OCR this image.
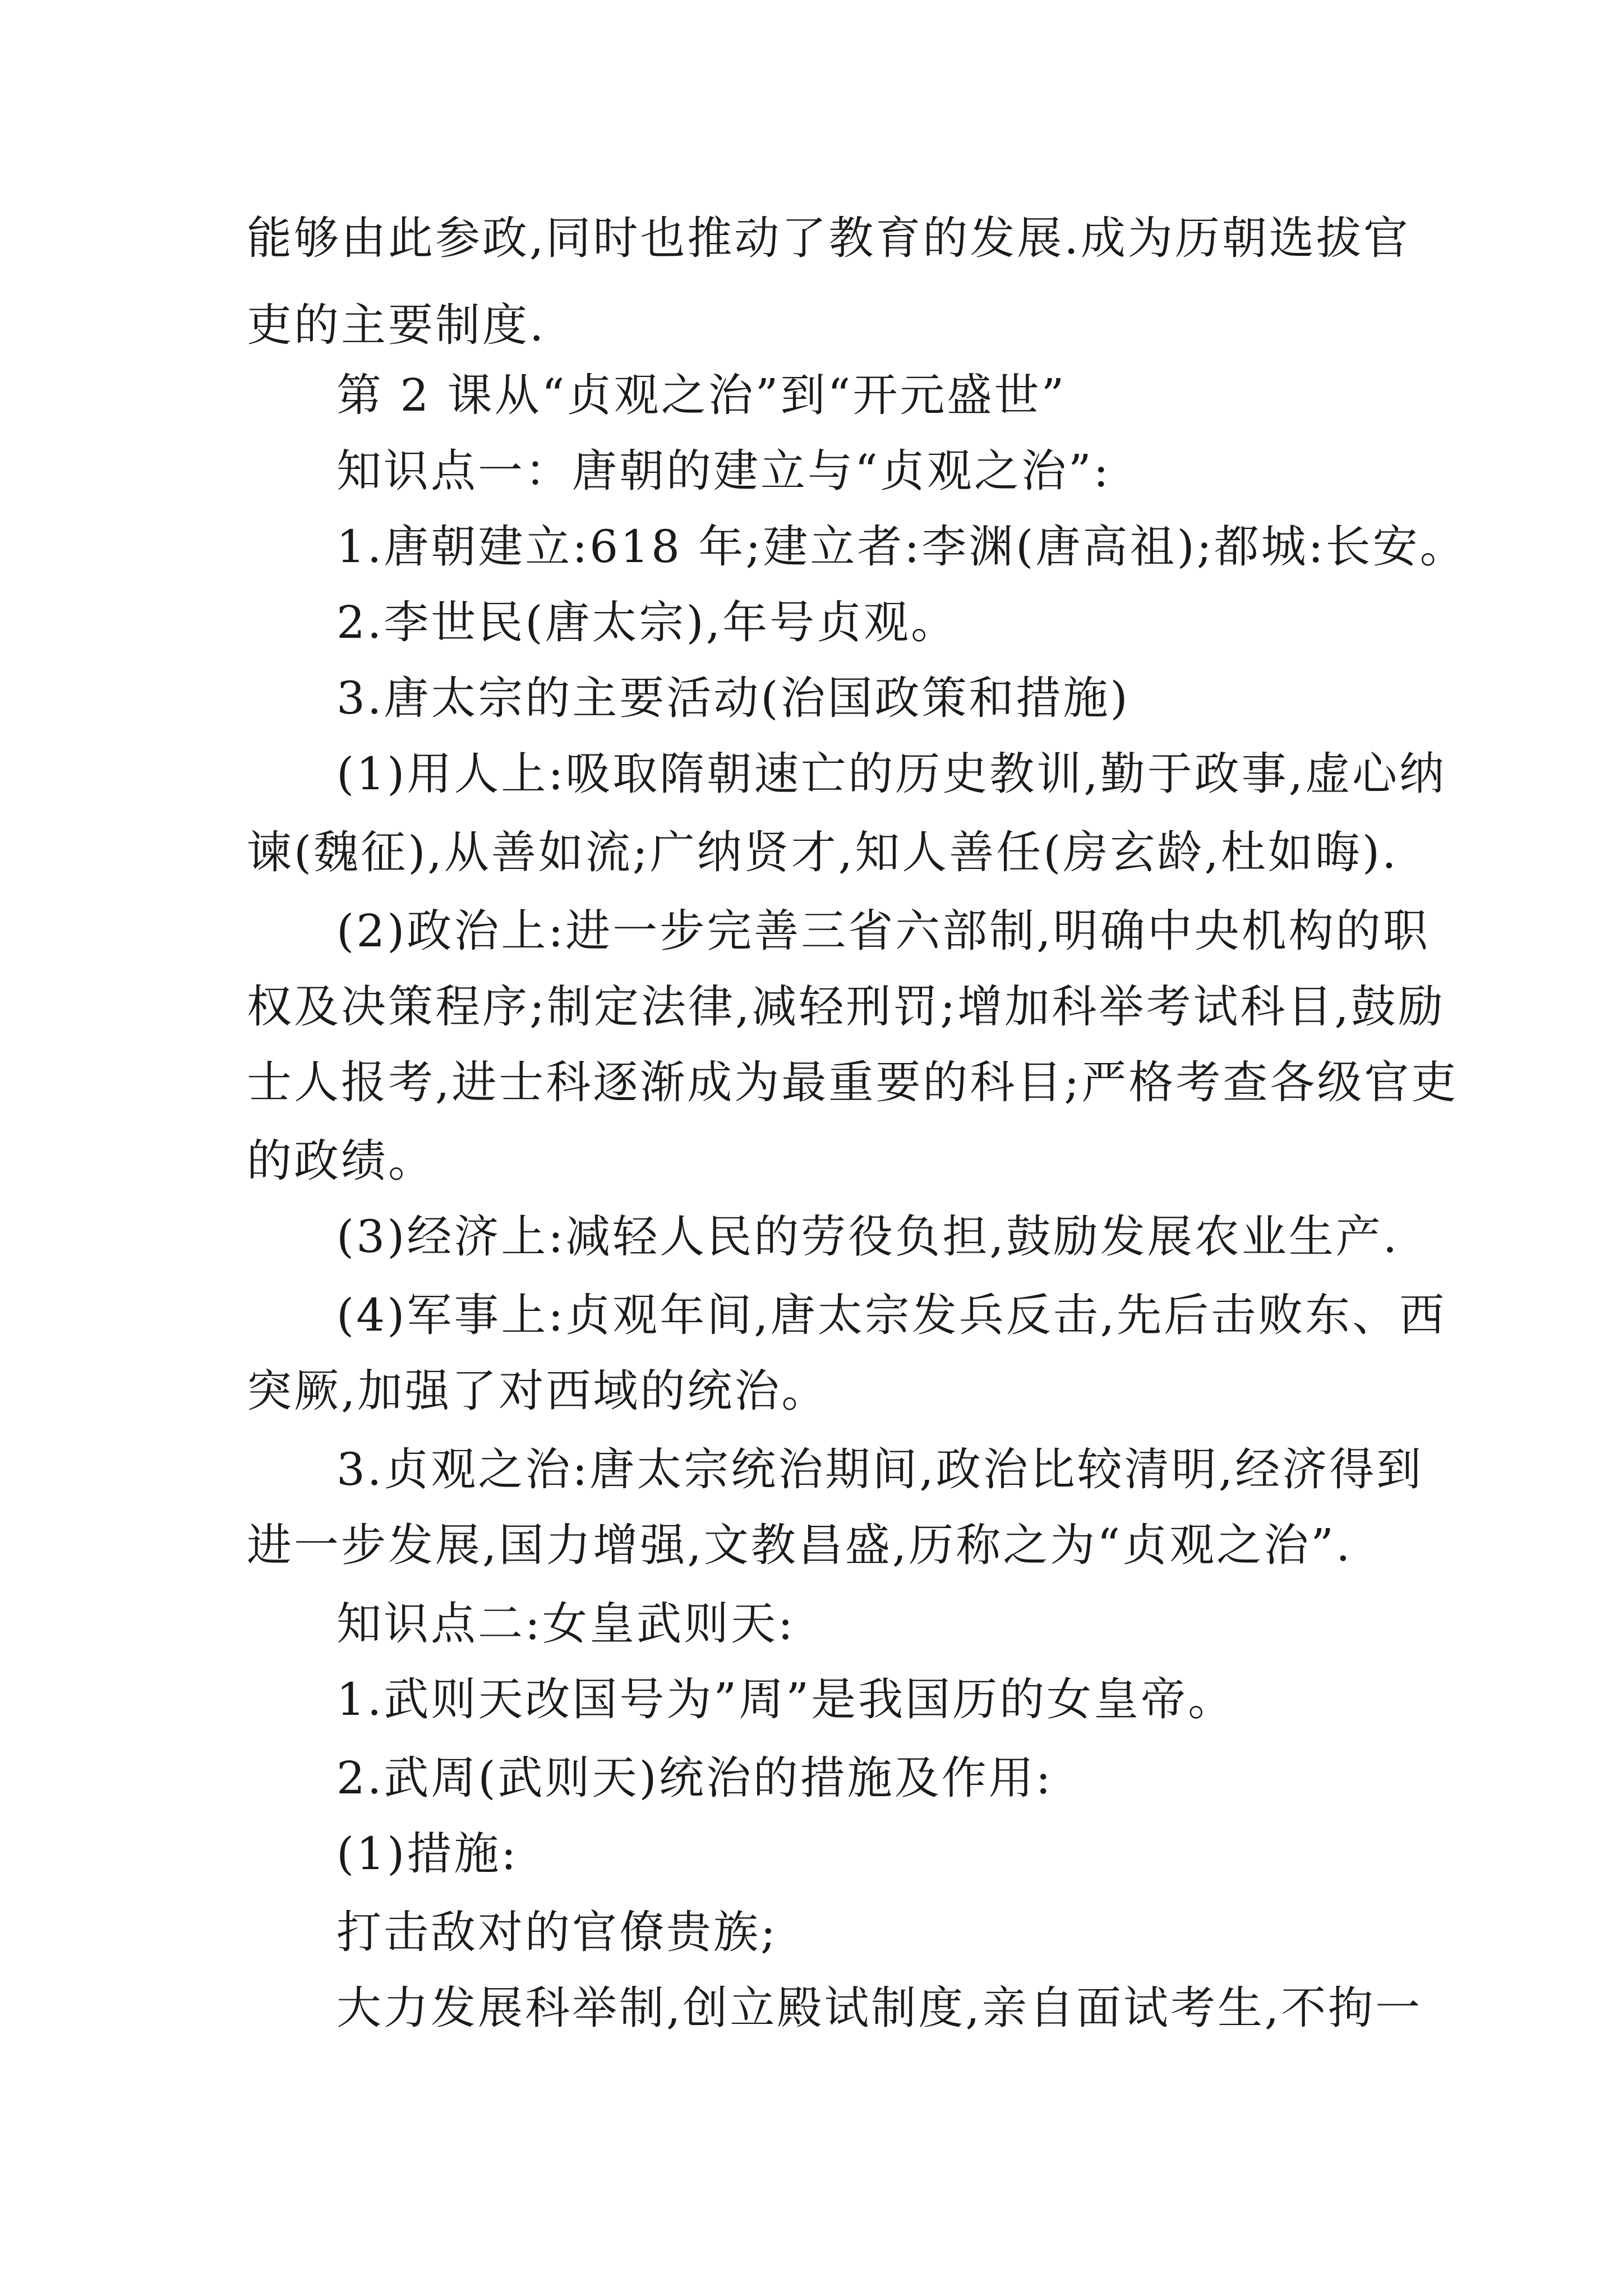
能够由此参政,同时也推动了教育的发展.成为历朝选拔官
吏的主要制度.
第 2 课从“贞观之治”到“开元盛世”
知识点一：唐朝的建立与“贞观之治”:
1.唐朝建立:618 年;建立者:李渊(唐高祖);都城:长安。
2.李世民(唐太宗),年号贞观。
3.唐太宗的主要活动(治国政策和措施)
(1)用人上:吸取隋朝速亡的历史教训,勤于政事,虚心纳
谏(魏征),从善如流;广纳贤才,知人善任(房玄龄,杜如晦).
(2)政治上:进一步完善三省六部制,明确中央机构的职
权及决策程序;制定法律,减轻刑罚;增加科举考试科目,鼓励
士人报考,进士科逐渐成为最重要的科目;严格考查各级官吏
的政绩。
(3)经济上:减轻人民的劳役负担,鼓励发展农业生产.
(4)军事上:贞观年间,唐太宗发兵反击,先后击败东、西
突厥,加强了对西域的统治。
3.贞观之治:唐太宗统治期间,政治比较清明,经济得到
进一步发展,国力增强,文教昌盛,历称之为“贞观之治”.
知识点二:女皇武则天:
1.武则天改国号为”周”是我国历的女皇帝。
2.武周(武则天)统治的措施及作用:
(1)措施:
打击敌对的官僚贵族;
大力发展科举制,创立殿试制度,亲自面试考生,不拘一
